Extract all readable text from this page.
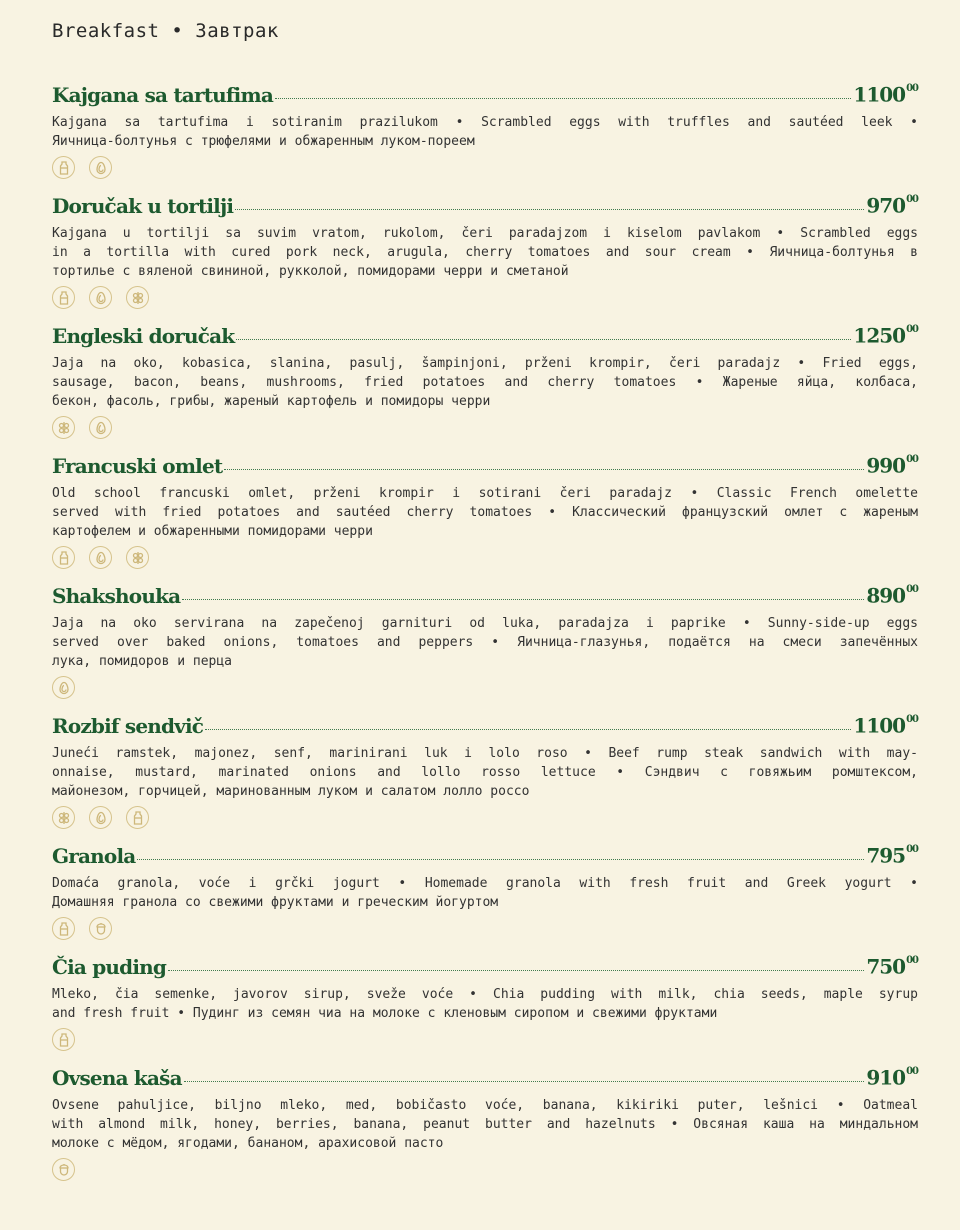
Breakfast • Завтрак
Kajgana sa tartufima	1100$^{00}$
Kajgana sa tartufima i sotiranim prazilukom • Scrambled eggs with truffles and sautéed leek •
Яичница-болтунья с трюфелями и обжаренным луком-пореем
Doručak u tortilji	$970^{00}$
Kajgana u tortilji sa suvim vratom, rukolom, čeri paradajzom i kiselom pavlakom • Scrambled eggs
in a tortilla with cured pork neck, arugula, cherry tomatoes and sour cream • Яичница-болтунья в
тортилье с вяленой свининой, рукколой, помидорами черри и сметаной
Engleski doručak	1250$^{00}$
Jaja na oko, kobasica, slanina, pasulj, šampinjoni, prženi krompir, čeri paradajz • Fried eggs,
sausage, bacon, beans, mushrooms, fried potatoes and cherry tomatoes • Жареные яйца, колбаса,
бекон, фасоль, грибы, жареный картофель и помидоры черри
Francuski omlet	$990^{00}$
Old school francuski omlet, prženi krompir i sotirani čeri paradajz • Classic French omelette
served with fried potatoes and sautéed cherry tomatoes • Классический французский омлет с жареным
картофелем и обжаренными помидорами черри
Shakshouka	$890^{00}$
Jaja na oko servirana na zapečenoj garnituri od luka, paradajza i paprike • Sunny-side-up eggs
served over baked onions, tomatoes and peppers • Яичница-глазунья, подаётся на смеси запечённых
лука, помидоров и перца
Rozbif sendvič	1100$^{00}$
Juneći ramstek, majonez, senf, marinirani luk i lolo roso • Beef rump steak sandwich with may-
onnaise, mustard, marinated onions and lollo rosso lettuce • Сэндвич с говяжьим ромштексом,
майонезом, горчицей, маринованным луком и салатом лолло россо
Granola	$795^{00}$
Domaća granola, voće i grčki jogurt • Homemade granola with fresh fruit and Greek yogurt •
Домашняя гранола со свежими фруктами и греческим йогуртом
Čia puding	$750^{00}$
Mleko, čia semenke, javorov sirup, sveže voće • Chia pudding with milk, chia seeds, maple syrup
and fresh fruit • Пудинг из семян чиа на молоке с кленовым сиропом и свежими фруктами
Ovsena kaša	$910^{00}$
Ovsene pahuljice, biljno mleko, med, bobičasto voće, banana, kikiriki puter, lešnici • Oatmeal
with almond milk, honey, berries, banana, peanut butter and hazelnuts • Овсяная каша на миндальном
молоке с мёдом, ягодами, бананом, арахисовой пасто
